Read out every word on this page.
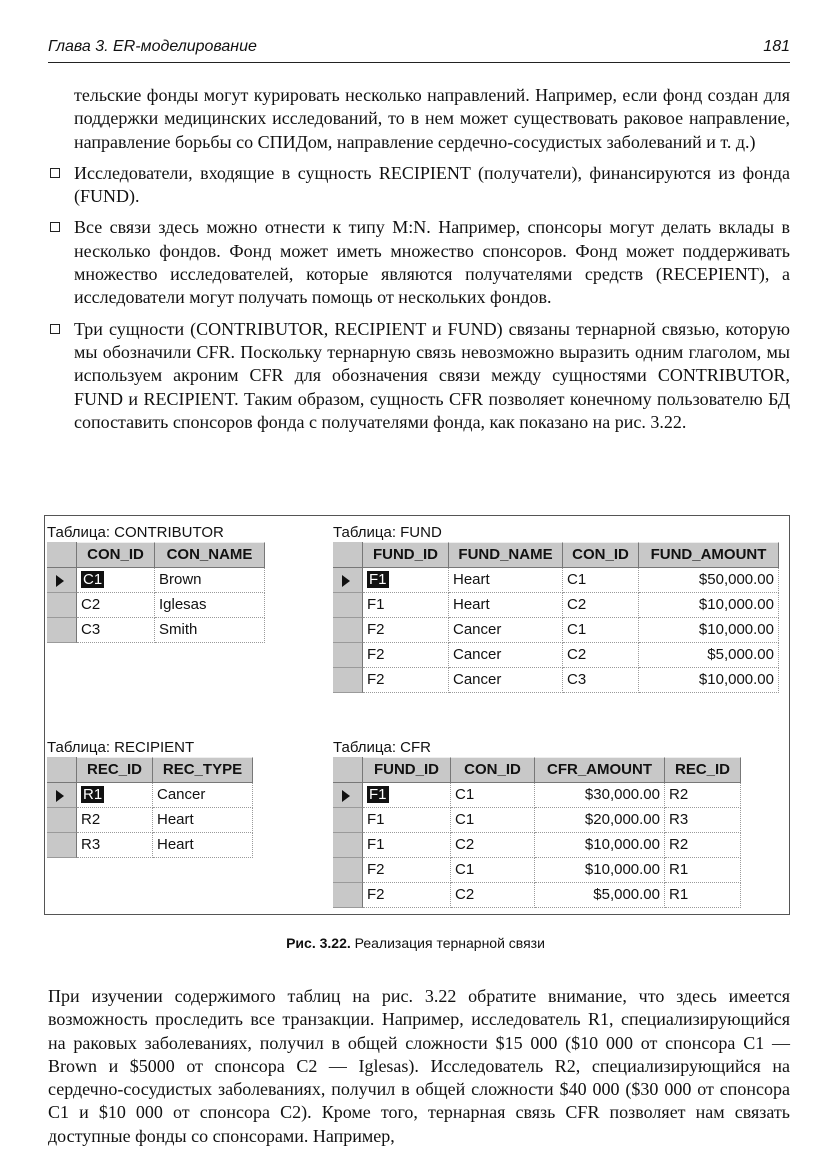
Глава 3. ER-моделирование	181

тельские фонды могут курировать несколько направлений. Например, если фонд создан для поддержки медицинских исследований, то в нем может существовать раковое направление, направление борьбы со СПИДом, направление сердечно-сосудистых заболеваний и т. д.)

Исследователи, входящие в сущность RECIPIENT (получатели), финансируются из фонда (FUND).

Все связи здесь можно отнести к типу M:N. Например, спонсоры могут делать вклады в несколько фондов. Фонд может иметь множество спонсоров. Фонд может поддерживать множество исследователей, которые являются получателями средств (RECEPIENT), а исследователи могут получать помощь от нескольких фондов.

Три сущности (CONTRIBUTOR, RECIPIENT и FUND) связаны тернарной связью, которую мы обозначили CFR. Поскольку тернарную связь невозможно выразить одним глаголом, мы используем акроним CFR для обозначения связи между сущностями CONTRIBUTOR, FUND и RECIPIENT. Таким образом, сущность CFR позволяет конечному пользователю БД сопоставить спонсоров фонда с получателями фонда, как показано на рис. 3.22.

Таблица: CONTRIBUTOR
CON_ID	CON_NAME
C1	Brown
C2	Iglesas
C3	Smith
Таблица: FUND
FUND_ID	FUND_NAME	CON_ID	FUND_AMOUNT
F1	Heart	C1	$50,000.00
F1	Heart	C2	$10,000.00
F2	Cancer	C1	$10,000.00
F2	Cancer	C2	$5,000.00
F2	Cancer	C3	$10,000.00
Таблица: RECIPIENT
REC_ID	REC_TYPE
R1	Cancer
R2	Heart
R3	Heart
Таблица: CFR
FUND_ID	CON_ID	CFR_AMOUNT	REC_ID
F1	C1	$30,000.00 R2
F1	C1	$20,000.00 R3
F1	C2	$10,000.00 R2
F2	C1	$10,000.00 R1
F2	C2	$5,000.00 R1
Рис. 3.22. Реализация тернарной связи

При изучении содержимого таблиц на рис. 3.22 обратите внимание, что здесь имеется возможность проследить все транзакции. Например, исследователь R1, специализирующийся на раковых заболеваниях, получил в общей сложности $15 000 ($10 000 от спонсора C1 — Brown и $5000 от спонсора C2 — Iglesas). Исследователь R2, специализирующийся на сердечно-сосудистых заболеваниях, получил в общей сложности $40 000 ($30 000 от спонсора C1 и $10 000 от спонсора C2). Кроме того, тернарная связь CFR позволяет нам связать доступные фонды со спонсорами. Например,
